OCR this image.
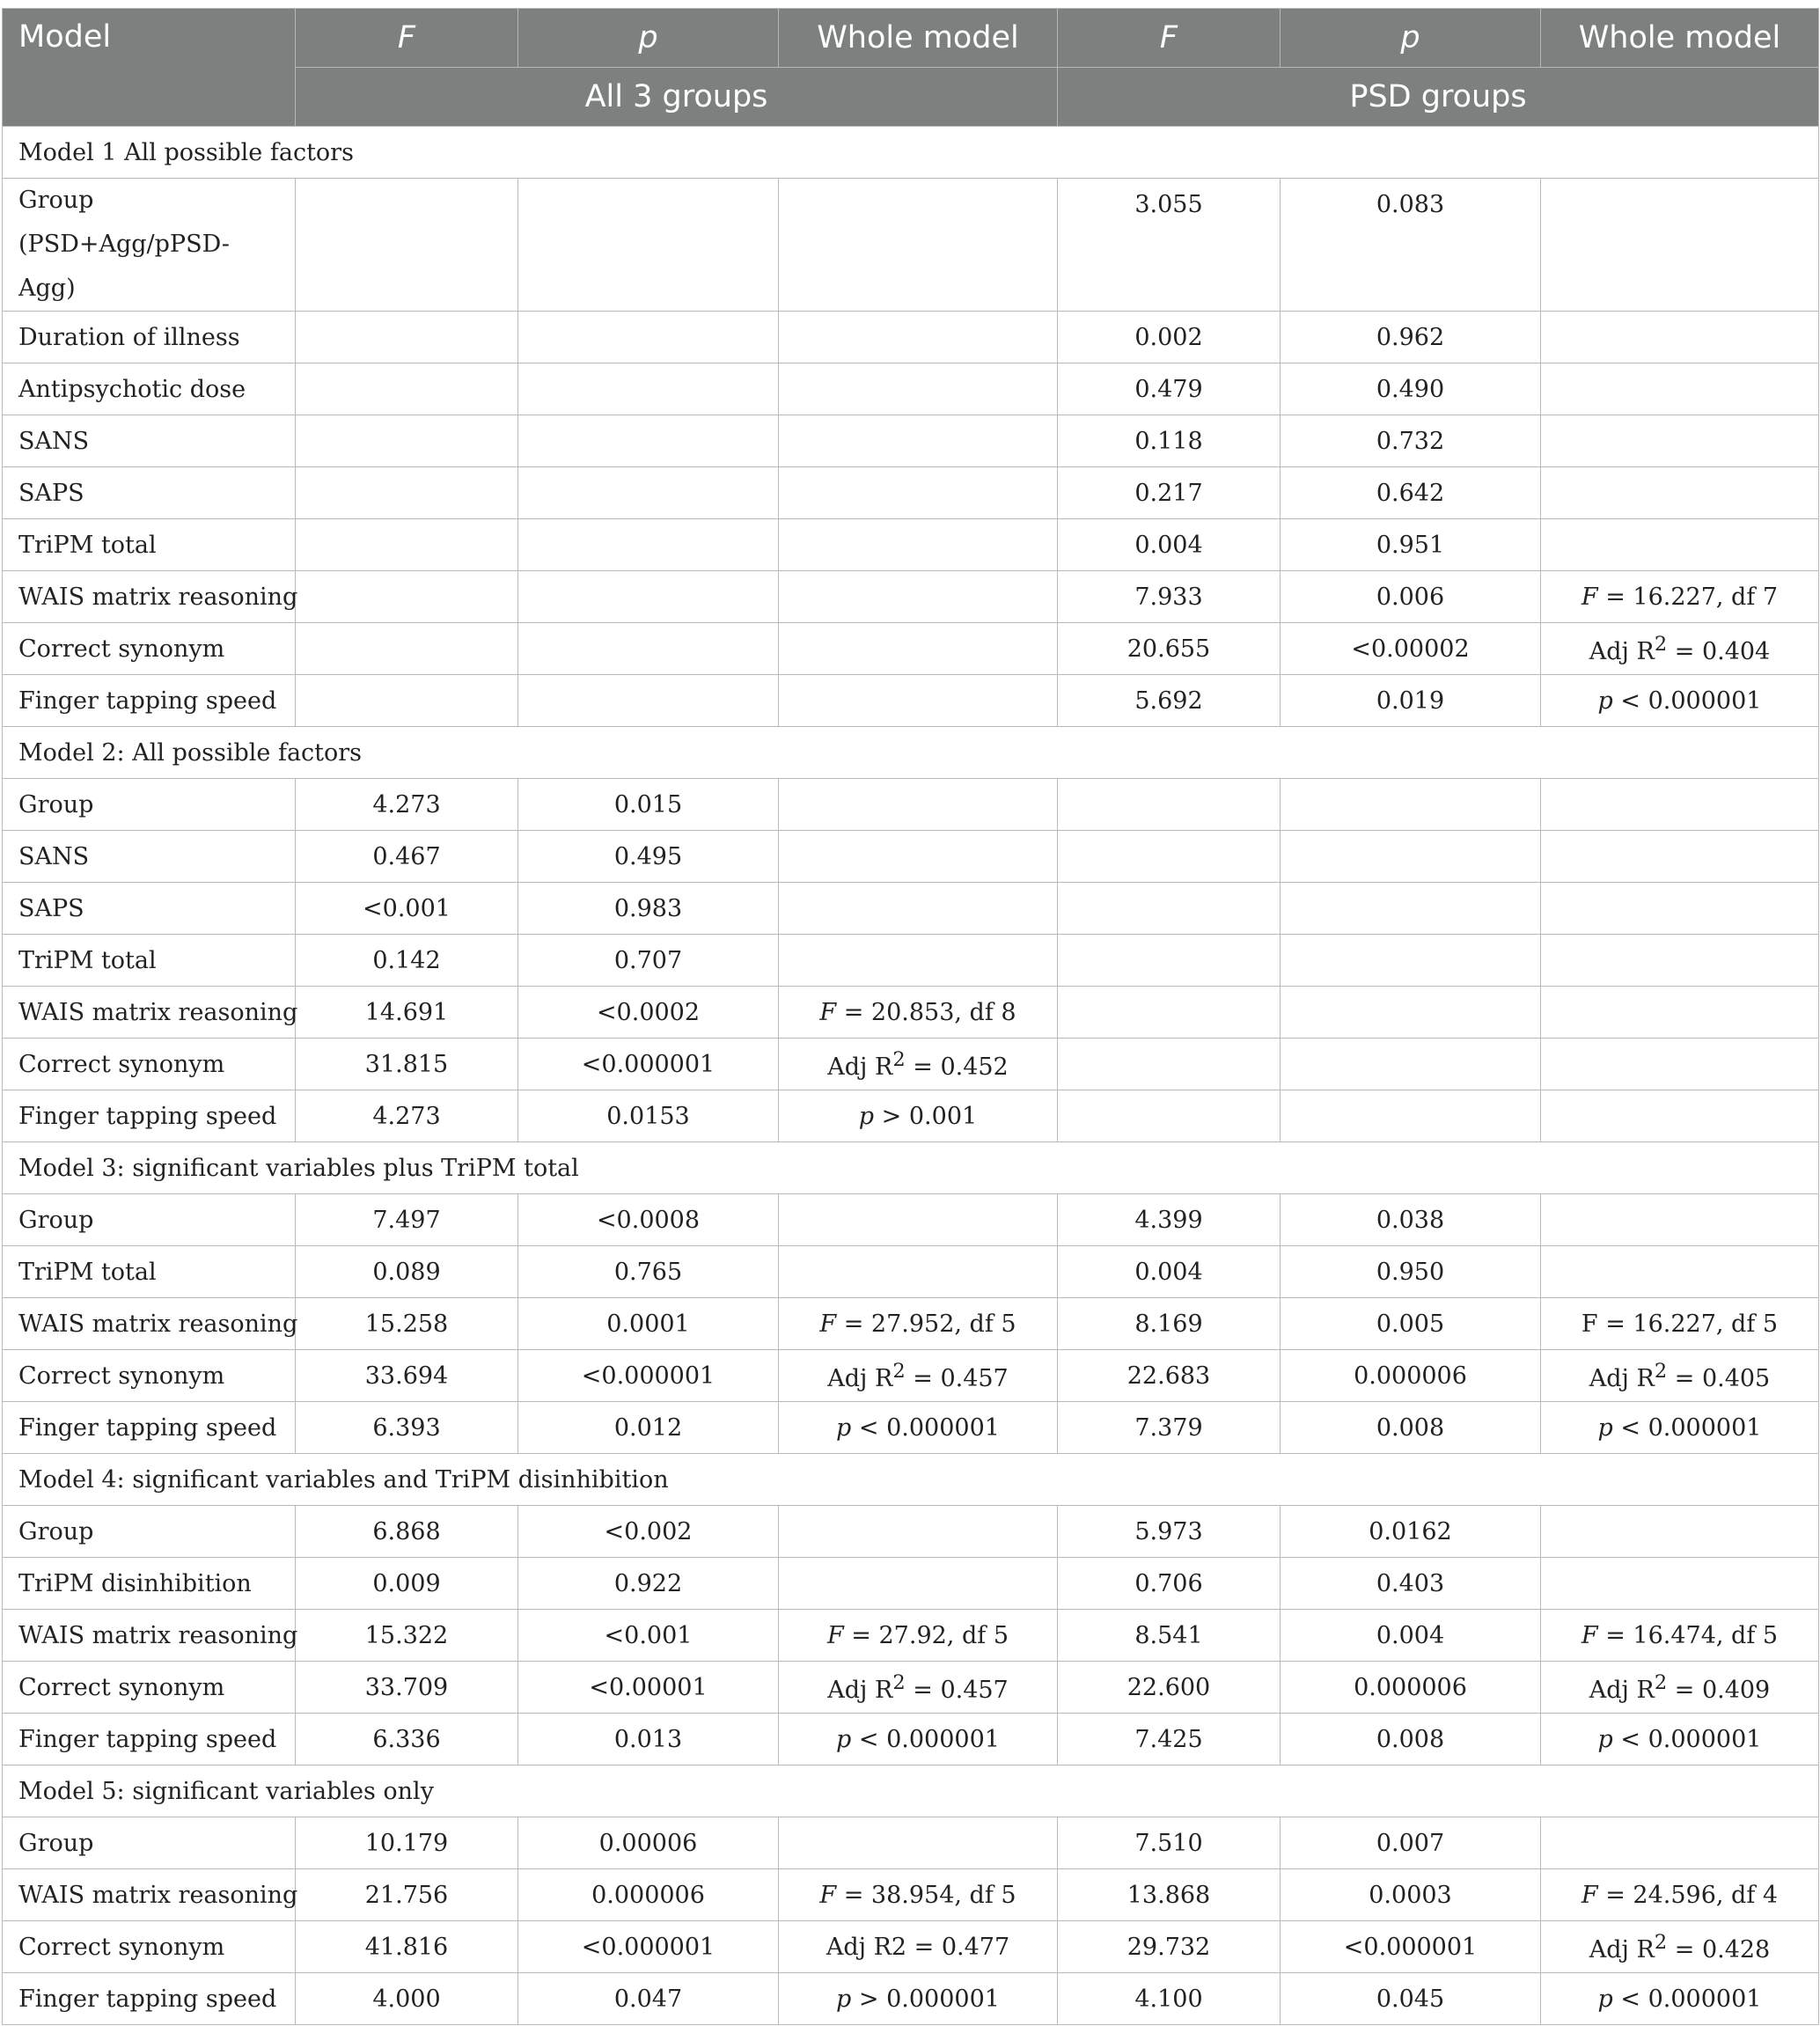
Model	F	p	Whole model	F	p	Whole model
	All 3 groups			PSD groups		
Model 1 All possible factors						
Group (PSD+Agg/pPSD-Agg)				3.055	0.083	
Duration of illness				0.002	0.962	
Antipsychotic dose				0.479	0.490	
SANS				0.118	0.732	
SAPS				0.217	0.642	
TriPM total				0.004	0.951	
WAIS matrix reasoning				7.933	0.006	F = 16.227, df 7
Correct synonym				20.655	<0.00002	Adj $R^2 = 0.404$
Finger tapping speed				5.692	0.019	p < 0.000001
Model 2: All possible factors						
Group	4.273	0.015				
SANS	0.467	0.495				
SAPS	<0.001	0.983				
TriPM total	0.142	0.707				
WAIS matrix reasoning	14.691	<0.0002	F = 20.853, df 8			
Correct synonym	31.815	<0.000001	Adj $R^2 = 0.452$			
Finger tapping speed	4.273	0.0153	p > 0.001			
Model 3: significant variables plus TriPM total						
Group	7.497	<0.0008		4.399	0.038	
TriPM total	0.089	0.765		0.004	0.950	
WAIS matrix reasoning	15.258	0.0001	F = 27.952, df 5	8.169	0.005	F = 16.227, df 5
Correct synonym	33.694	<0.000001	Adj $R^2 = 0.457$	22.683	0.000006	Adj $R^2 = 0.405$
Finger tapping speed	6.393	0.012	p < 0.000001	7.379	0.008	p < 0.000001
Model 4: significant variables and TriPM disinhibition						
Group	6.868	<0.002		5.973	0.0162	
TriPM disinhibition	0.009	0.922		0.706	0.403	
WAIS matrix reasoning	15.322	<0.001	F = 27.92, df 5	8.541	0.004	F = 16.474, df 5
Correct synonym	33.709	<0.00001	Adj $R^2 = 0.457$	22.600	0.000006	Adj $R^2 = 0.409$
Finger tapping speed	6.336	0.013	p < 0.000001	7.425	0.008	p < 0.000001
Model 5: significant variables only						
Group	10.179	0.00006		7.510	0.007	
WAIS matrix reasoning	21.756	0.000006	F = 38.954, df 5	13.868	0.0003	F = 24.596, df 4
Correct synonym	41.816	<0.000001	Adj R2 = 0.477	29.732	<0.000001	Adj $R^2 = 0.428$
Finger tapping speed	4.000	0.047	p > 0.000001	4.100	0.045	p < 0.000001
